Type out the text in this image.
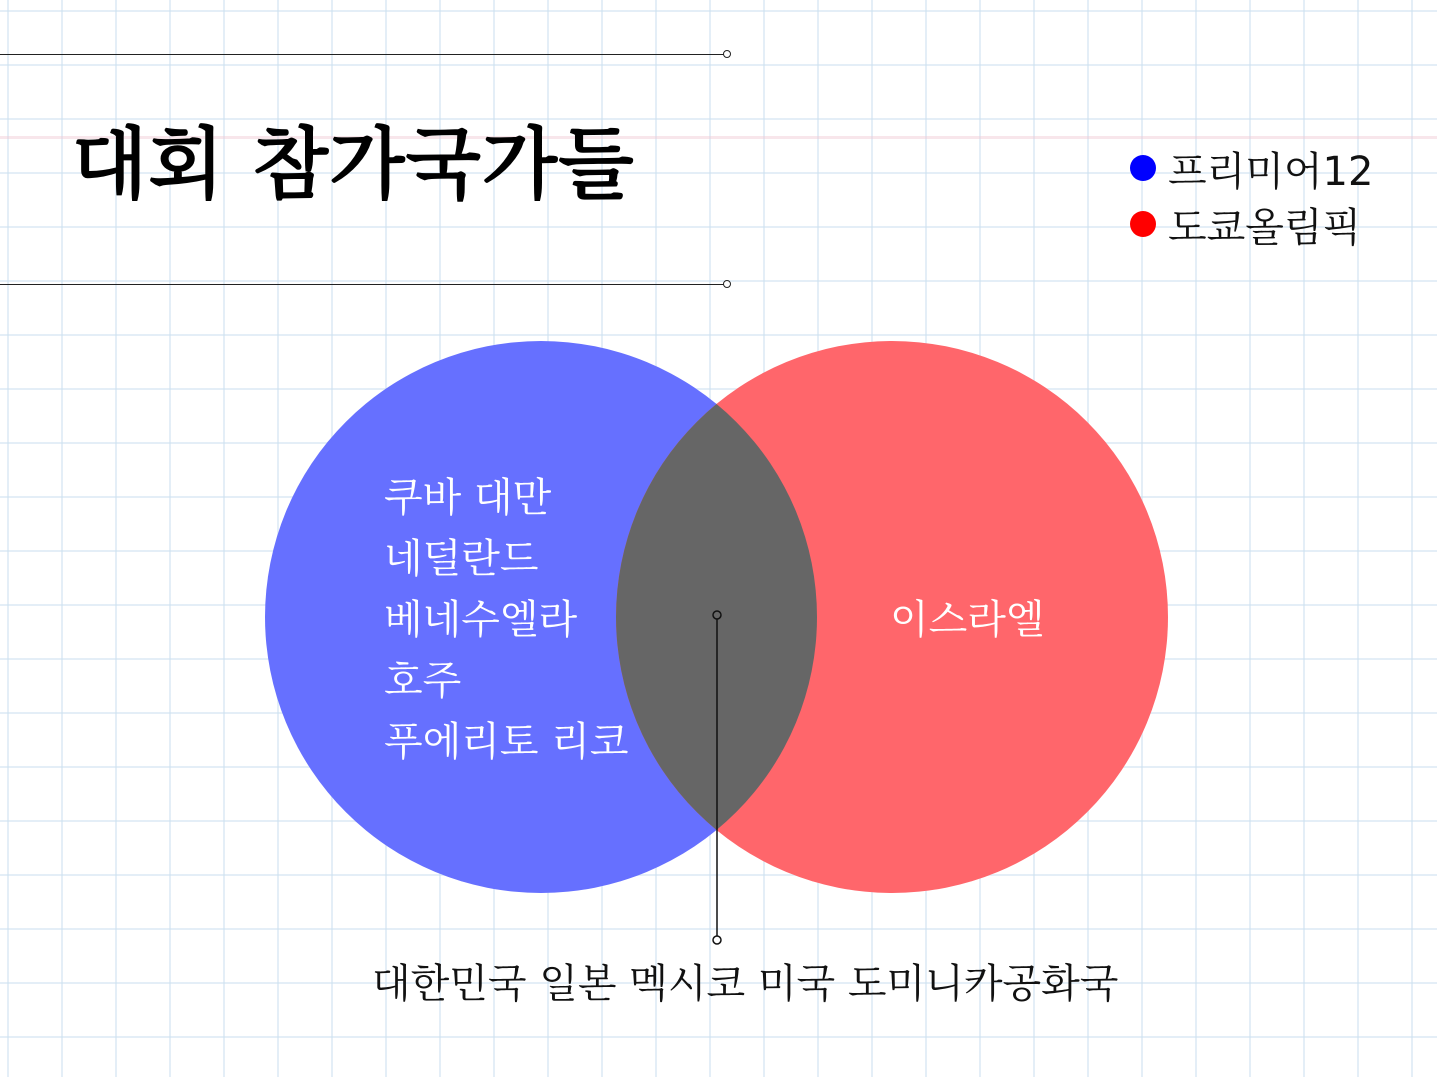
대회 참가국가들	프리미어12
도쿄올림픽
쿠바 대만
네덜란드
베네수엘라
호주
푸에리토 리코
이스라엘
대한민국 일본 멕시코 미국 도미니카공화국
